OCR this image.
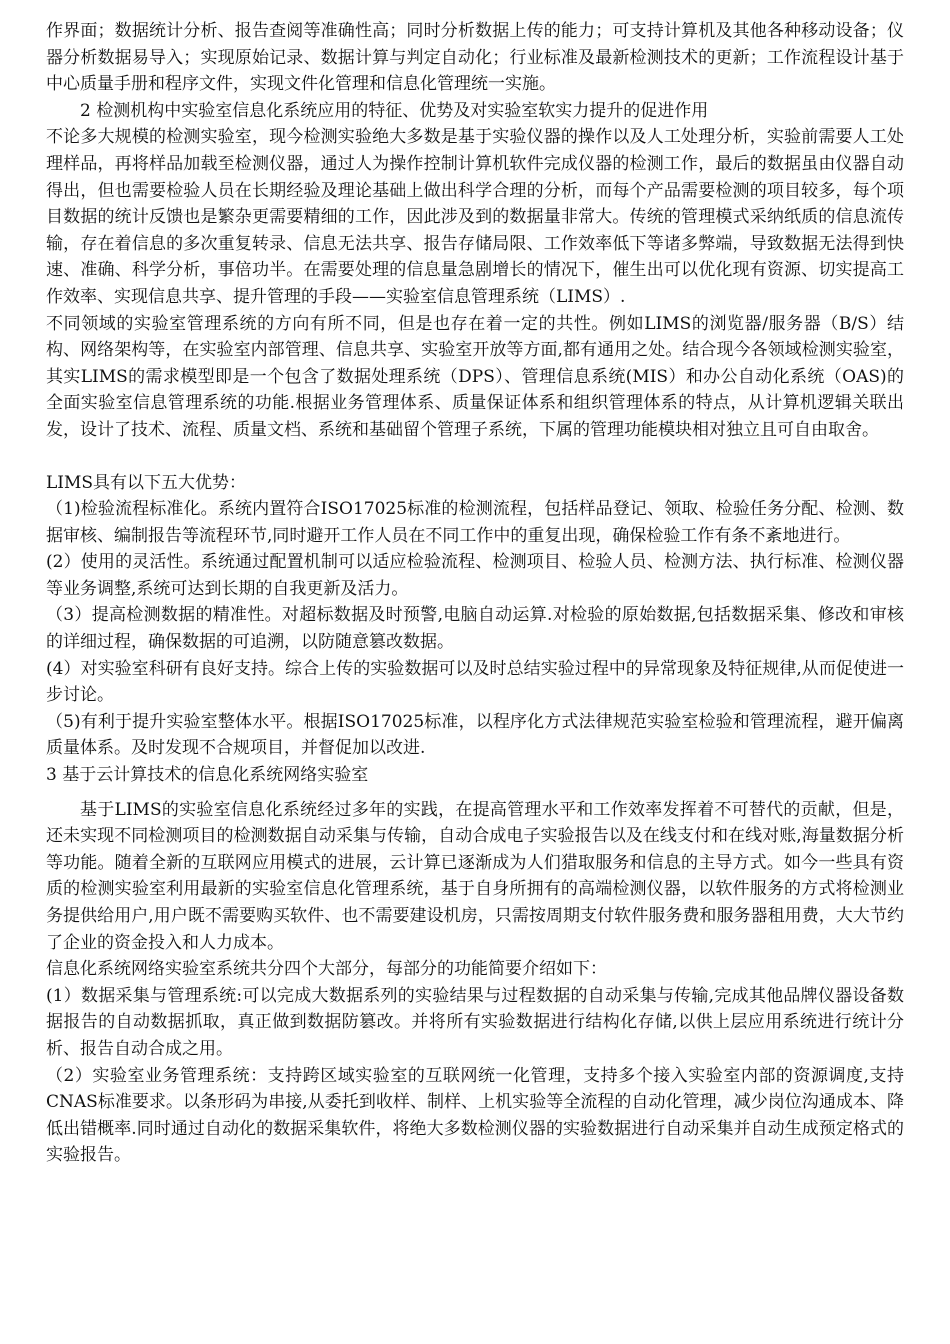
作界面；数据统计分析、报告查阅等准确性高；同时分析数据上传的能力；可支持计算机及其他各种移动设备；仪器分析数据易导入；实现原始记录、数据计算与判定自动化；行业标准及最新检测技术的更新；工作流程设计基于中心质量手册和程序文件，实现文件化管理和信息化管理统一实施。

2 检测机构中实验室信息化系统应用的特征、优势及对实验室软实力提升的促进作用

不论多大规模的检测实验室，现今检测实验绝大多数是基于实验仪器的操作以及人工处理分析，实验前需要人工处理样品，再将样品加载至检测仪器，通过人为操作控制计算机软件完成仪器的检测工作，最后的数据虽由仪器自动得出，但也需要检验人员在长期经验及理论基础上做出科学合理的分析，而每个产品需要检测的项目较多，每个项目数据的统计反馈也是繁杂更需要精细的工作，因此涉及到的数据量非常大。传统的管理模式采纳纸质的信息流传输，存在着信息的多次重复转录、信息无法共享、报告存储局限、工作效率低下等诸多弊端，导致数据无法得到快速、准确、科学分析，事倍功半。在需要处理的信息量急剧增长的情况下，催生出可以优化现有资源、切实提高工作效率、实现信息共享、提升管理的手段——实验室信息管理系统（LIMS）.

不同领域的实验室管理系统的方向有所不同，但是也存在着一定的共性。例如LIMS的浏览器/服务器（B/S）结构、网络架构等，在实验室内部管理、信息共享、实验室开放等方面,都有通用之处。结合现今各领域检测实验室，其实LIMS的需求模型即是一个包含了数据处理系统（DPS）、管理信息系统(MIS）和办公自动化系统（OAS)的全面实验室信息管理系统的功能.根据业务管理体系、质量保证体系和组织管理体系的特点，从计算机逻辑关联出发，设计了技术、流程、质量文档、系统和基础留个管理子系统，下属的管理功能模块相对独立且可自由取舍。

LIMS具有以下五大优势：

（1)检验流程标准化。系统内置符合ISO17025标准的检测流程，包括样品登记、领取、检验任务分配、检测、数据审核、编制报告等流程环节,同时避开工作人员在不同工作中的重复出现，确保检验工作有条不紊地进行。

(2）使用的灵活性。系统通过配置机制可以适应检验流程、检测项目、检验人员、检测方法、执行标准、检测仪器等业务调整,系统可达到长期的自我更新及活力。

（3）提高检测数据的精准性。对超标数据及时预警,电脑自动运算.对检验的原始数据,包括数据采集、修改和审核的详细过程，确保数据的可追溯，以防随意篡改数据。

(4）对实验室科研有良好支持。综合上传的实验数据可以及时总结实验过程中的异常现象及特征规律,从而促使进一步讨论。

（5)有利于提升实验室整体水平。根据ISO17025标准，以程序化方式法律规范实验室检验和管理流程，避开偏离质量体系。及时发现不合规项目，并督促加以改进.

3 基于云计算技术的信息化系统网络实验室

基于LIMS的实验室信息化系统经过多年的实践，在提高管理水平和工作效率发挥着不可替代的贡献，但是，还未实现不同检测项目的检测数据自动采集与传输，自动合成电子实验报告以及在线支付和在线对账,海量数据分析等功能。随着全新的互联网应用模式的进展，云计算已逐渐成为人们猎取服务和信息的主导方式。如今一些具有资质的检测实验室利用最新的实验室信息化管理系统，基于自身所拥有的高端检测仪器，以软件服务的方式将检测业务提供给用户,用户既不需要购买软件、也不需要建设机房，只需按周期支付软件服务费和服务器租用费，大大节约了企业的资金投入和人力成本。

信息化系统网络实验室系统共分四个大部分，每部分的功能简要介绍如下：

(1）数据采集与管理系统:可以完成大数据系列的实验结果与过程数据的自动采集与传输,完成其他品牌仪器设备数据报告的自动数据抓取，真正做到数据防篡改。并将所有实验数据进行结构化存储,以供上层应用系统进行统计分析、报告自动合成之用。

（2）实验室业务管理系统：支持跨区域实验室的互联网统一化管理，支持多个接入实验室内部的资源调度,支持CNAS标准要求。以条形码为串接,从委托到收样、制样、上机实验等全流程的自动化管理，减少岗位沟通成本、降低出错概率.同时通过自动化的数据采集软件，将绝大多数检测仪器的实验数据进行自动采集并自动生成预定格式的实验报告。
